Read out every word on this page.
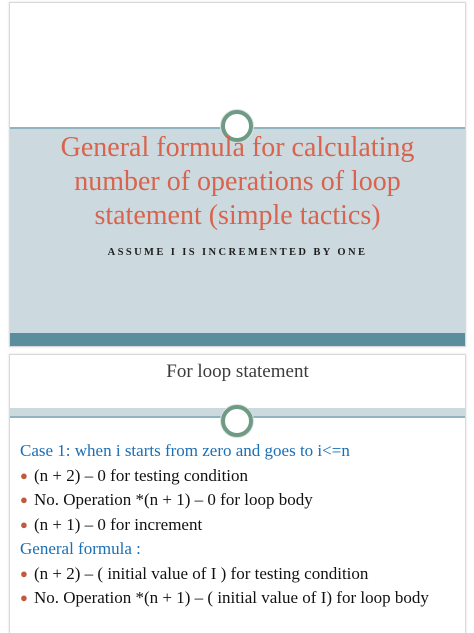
General formula for calculating number of operations of loop statement (simple tactics)
ASSUME I IS INCREMENTED BY ONE
For loop statement
Case 1: when i starts from zero and goes to i<=n
● (n + 2) – 0 for testing condition
● No. Operation *(n + 1) – 0 for loop body
● (n + 1) – 0 for increment
General formula :
● (n + 2) – ( initial value of I ) for testing condition
● No. Operation *(n + 1) – ( initial value of I) for loop body
